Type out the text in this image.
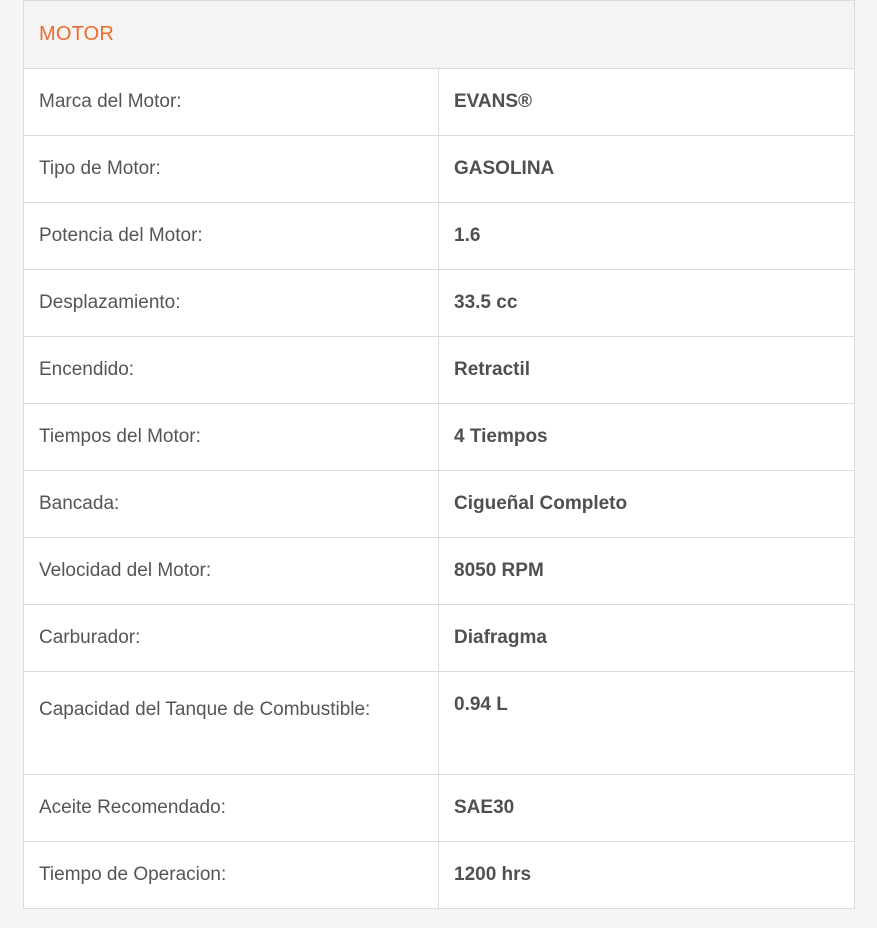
MOTOR	
Marca del Motor:	EVANS®
Tipo de Motor:	GASOLINA
Potencia del Motor:	1.6
Desplazamiento:	33.5 cc
Encendido:	Retractil
Tiempos del Motor:	4 Tiempos
Bancada:	Cigueñal Completo
Velocidad del Motor:	8050 RPM
Carburador:	Diafragma
Capacidad del Tanque de Combustible:	0.94 L
Aceite Recomendado:	SAE30
Tiempo de Operacion:	1200 hrs
